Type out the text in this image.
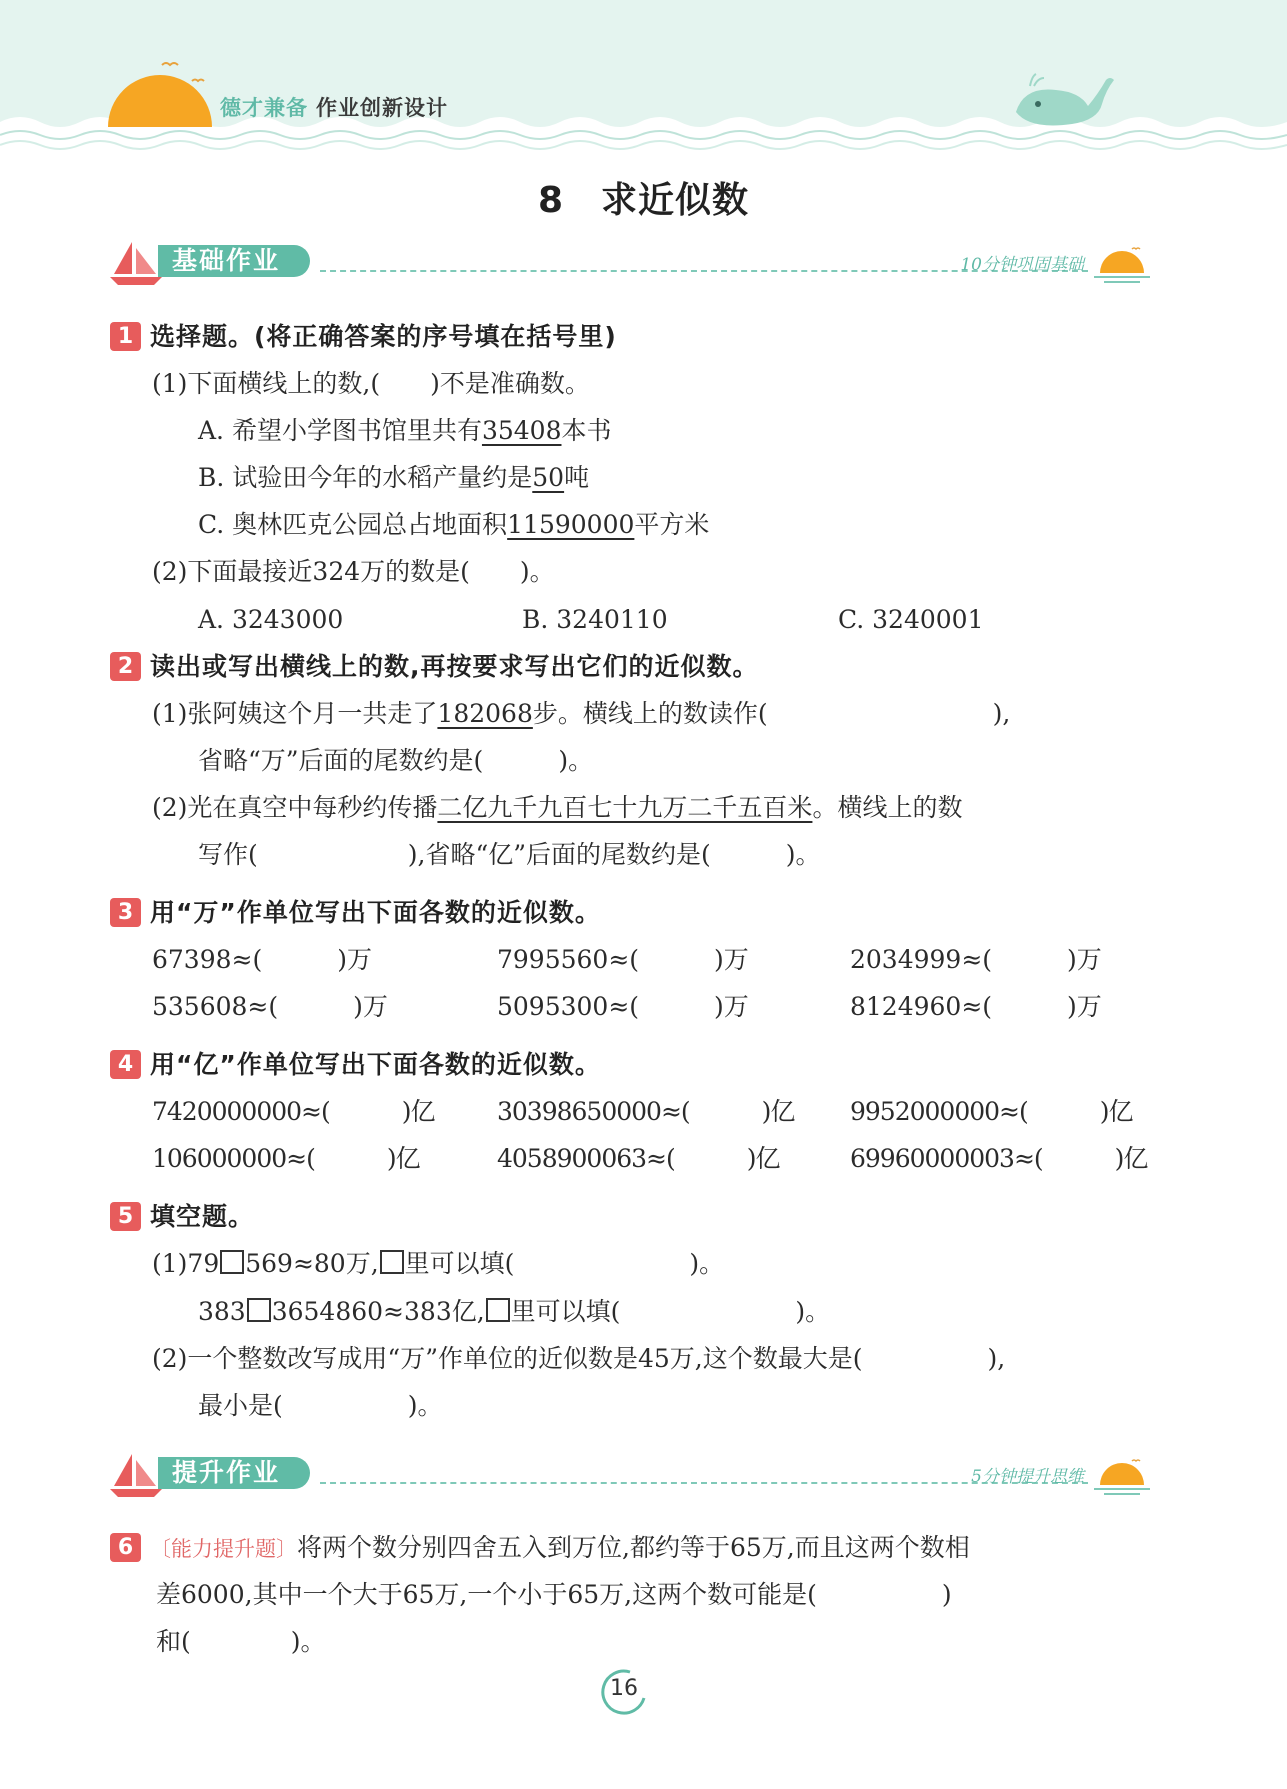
德才兼备 作业创新设计
8　求近似数
基础作业	10分钟巩固基础
1 选择题。(将正确答案的序号填在括号里)
(1)下面横线上的数,(　　)不是准确数。
A. 希望小学图书馆里共有35408本书
B. 试验田今年的水稻产量约是50吨
C. 奥林匹克公园总占地面积11590000平方米
(2)下面最接近324万的数是(　　)。
A. 3243000	B. 3240110	C. 3240001
2 读出或写出横线上的数,再按要求写出它们的近似数。
(1)张阿姨这个月一共走了182068步。横线上的数读作(　　　　　　　　　),
省略“万”后面的尾数约是(　　　)。
(2)光在真空中每秒约传播二亿九千九百七十九万二千五百米。横线上的数
写作(　　　　　　),省略“亿”后面的尾数约是(　　　)。
3 用“万”作单位写出下面各数的近似数。
67398≈(　　　)万	7995560≈(　　　)万	2034999≈(　　　)万
535608≈(　　　)万	5095300≈(　　　)万	8124960≈(　　　)万
4 用“亿”作单位写出下面各数的近似数。
7420000000≈(　　　)亿 30398650000≈(　　　)亿 9952000000≈(　　　)亿
106000000≈(　　　)亿	4058900063≈(　　　)亿	69960000003≈(　　　)亿
5 填空题。
(1)79 569≈80万, 里可以填(　　　　　　　)。
383 3654860≈383亿, 里可以填(　　　　　　　)。
(2)一个整数改写成用“万”作单位的近似数是45万,这个数最大是(　　　　　),
最小是(　　　　　)。
提升作业	5分钟提升思维
6 〔能力提升题〕将两个数分别四舍五入到万位,都约等于65万,而且这两个数相
差6000,其中一个大于65万,一个小于65万,这两个数可能是(　　　　　)
和(　　　　)。
16
